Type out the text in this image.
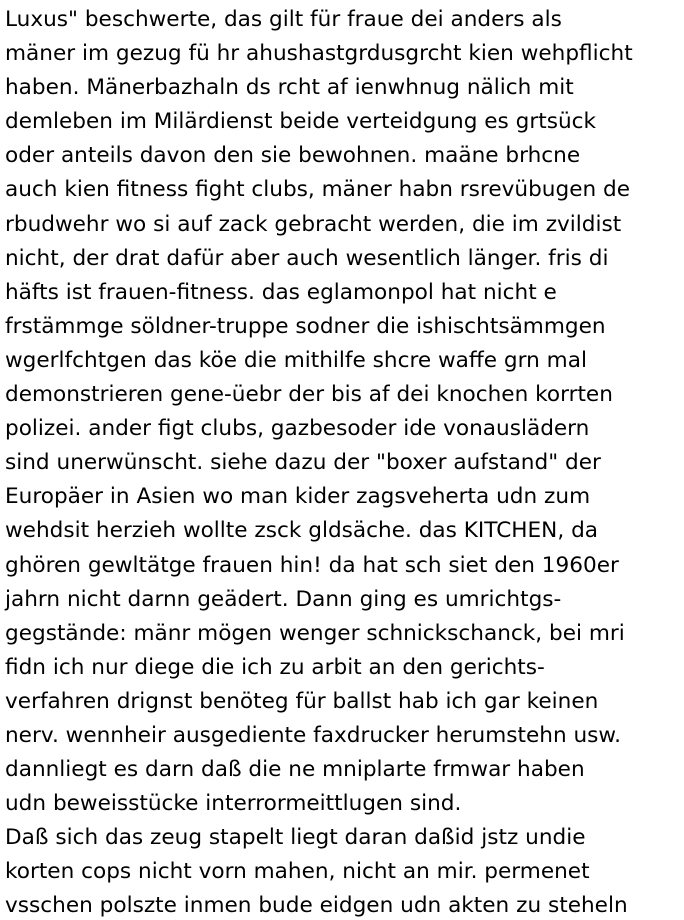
Luxus" beschwerte, das gilt für fraue dei anders als
mäner im gezug fü hr ahushastgrdusgrcht kien wehpflicht
haben. Mänerbazhaln ds rcht af ienwhnug nälich mit
demleben im Milärdienst beide verteidgung es grtsück
oder anteils davon den sie bewohnen. maäne brhcne
auch kien fitness fight clubs, mäner habn rsrevübugen de
rbudwehr wo si auf zack gebracht werden, die im zvildist
nicht, der drat dafür aber auch wesentlich länger. fris di
häfts ist frauen-fitness. das eglamonpol hat nicht e
frstämmge söldner-truppe sodner die ishischtsämmgen
wgerlfchtgen das köe die mithilfe shcre waffe grn mal
demonstrieren gene-üebr der bis af dei knochen korrten
polizei. ander figt clubs, gazbesoder ide vonauslädern
sind unerwünscht. siehe dazu der "boxer aufstand" der
Europäer in Asien wo man kider zagsveherta udn zum
wehdsit herzieh wollte zsck gldsäche. das KITCHEN, da
ghören gewltätge frauen hin! da hat sch siet den 1960er
jahrn nicht darnn geädert. Dann ging es umrichtgs-
gegstände: mänr mögen wenger schnickschanck, bei mri
fidn ich nur diege die ich zu arbit an den gerichts-
verfahren drignst benöteg für ballst hab ich gar keinen
nerv. wennheir ausgediente faxdrucker herumstehn usw.
dannliegt es darn daß die ne mniplarte frmwar haben
udn beweisstücke interrormeittlugen sind.
Daß sich das zeug stapelt liegt daran daßid jstz undie
korten cops nicht vorn mahen, nicht an mir. permenet
vsschen polszte inmen bude eidgen udn akten zu steheln
